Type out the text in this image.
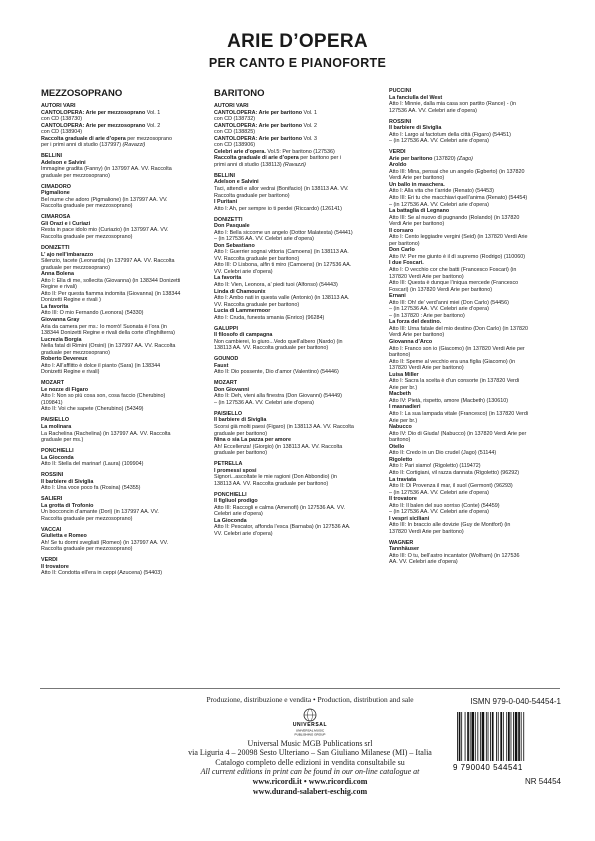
ARIE D’OPERA
PER CANTO E PIANOFORTE
MEZZOSOPRANO
AUTORI VARI
CANTOLOPERA: Arie per mezzosoprano Vol. 1
con CD (138730)
CANTOLOPERA: Arie per mezzosoprano Vol. 2
con CD (138904)
Raccolta graduale di arie d’opera per mezzosoprano per i primi anni di studio (137997) (Ravazzi)
BELLINI
Adelson e Salvini
Immagine gradita (Fanny) (in 137997 AA. VV. Raccolta graduale per mezzosoprano)
CIMADORO
Pigmalione
Bel nume che adoro (Pigmalione) (in 137997 AA. VV. Raccolta graduale per mezzosoprano)
CIMAROSA
Gli Orazi e i Curiazi
Resta in pace idolo mio (Curiazio) (in 137997 AA. VV. Raccolta graduale per mezzosoprano)
DONIZETTI
L’ ajo nell’imbarazzo
Silenzio, tacete (Leonarda) (in 137997 AA. VV. Raccolta graduale per mezzosoprano)
Anna Bolena
Atto I: Ella di me, sollecita (Giovanna) (in 138344 Donizetti Regine e rivali)
Atto II: Per questa fiamma indomita (Giovanna) (in 138344 Donizetti Regine e rivali )
La favorita
Atto III: O mio Fernando (Leonora) (54330)
Giovanna Gray
Aria da camera per ms.: Io morrò! Suonata è l’ora (in 138344 Donizetti Regine e rivali della corte d’Inghilterra)
Lucrezia Borgia
Nella fatal di Rimini (Orsini) (in 137997 AA. VV. Raccolta graduale per mezzosoprano)
Roberto Devereux
Atto I: All’afflitto è dolce il pianto (Sara) (in 138344 Donizetti Regine e rivali)
MOZART
Le nozze di Figaro
Atto I: Non so più cosa son, cosa faccio (Cherubino) (109841)
Atto II: Voi che sapete (Cherubino) (54349)
PAISIELLO
La molinara
La Rachelina (Rachelina) (in 137997 AA. VV. Raccolta graduale per ms.)
PONCHIELLI
La Gioconda
Atto II: Stella del marinar! (Laura) (109904)
ROSSINI
Il barbiere di Siviglia
Atto I: Una voce poco fa (Rosina) (54355)
SALIERI
La grotta di Trofonio
Un bocconcin d’amante (Dori) (in 137997 AA. VV. Raccolta graduale per mezzosoprano)
VACCAI
Giulietta e Romeo
Ah! Se tu dormi svegliati (Romeo) (in 137997 AA. VV. Raccolta graduale per mezzosoprano)
VERDI
Il trovatore
Atto II: Condotta ell’era in ceppi (Azucena) (54403)
BARITONO
AUTORI VARI
CANTOLOPERA: Arie per baritono Vol. 1
con CD (138732)
CANTOLOPERA: Arie per baritono Vol. 2
con CD (138825)
CANTOLOPERA: Arie per baritono Vol. 3
con CD (138906)
Celebri arie d’opera. Vol.5: Per baritono (127536)
Raccolta graduale di arie d’opera per baritono per i primi anni di studio (138113) (Ravazzi)
BELLINI
Adelson e Salvini
Taci, attendi e allor vedrai (Bonifacio) (in 138113 AA. VV. Raccolta graduale per baritono)
I Puritani
Atto I: Ah, per sempre io ti perdei (Riccardo) (126141)
DONIZETTI
Don Pasquale
Atto I: Bella siccome un angelo (Dottor Malatesta) (54441)
– (in 127536 AA. VV. Celebri arie d’opera)
Don Sebastiano
Atto I: Guerrier sognai vittoria (Camoens) (in 138113 AA. VV. Raccolta graduale per baritono)
Atto III: O Lisbona, alfin ti miro (Camoens) (in 127536 AA. VV. Celebri arie d’opera)
La favorita
Atto II: Vien, Leonora, a’ piedi tuoi (Alfonso) (54443)
Linda di Chamounix
Atto I: Ambo nati in questa valle (Antonio) (in 138113 AA. VV. Raccolta graduale per baritono)
Lucia di Lammermoor
Atto I: Cruda, funesta smania (Enrico) (96284)
GALUPPI
Il filosofo di campagna
Non cambierei, lo giuro...Vedo quell’albero (Nardo) (in 138113 AA. VV. Raccolta graduale per baritono)
GOUNOD
Faust
Atto II: Dio possente, Dio d’amor (Valentino) (54446)
MOZART
Don Giovanni
Atto II: Deh, vieni alla finestra (Don Giovanni) (54449)
– (in 127536 AA. VV. Celebri arie d’opera)
PAISIELLO
Il barbiere di Siviglia
Scorsi già molti paesi (Figaro) (in 138113 AA. VV. Raccolta graduale per baritono)
Nina o sia La pazza per amore
Ah! Eccellenza! (Giorgio) (in 138113 AA. VV. Raccolta graduale per baritono)
PETRELLA
I promessi sposi
Signori...ascoltate le mie ragioni (Don Abbondio) (in 138113 AA. VV. Raccolta graduale per baritono)
PONCHIELLI
Il figliuol prodigo
Atto III: Raccogli e calma (Amenofi) (in 127536 AA. VV. Celebri arie d’opera)
La Gioconda
Atto II: Pescator, affonda l’esca (Barnaba) (in 127536 AA. VV. Celebri arie d’opera)
PUCCINI
La fanciulla del West
Atto I: Minnie, dalla mia casa son partito (Rance) - (in 127536 AA. VV. Celebri arie d’opera)
ROSSINI
Il barbiere di Siviglia
Atto I: Largo al factotum della città (Figaro) (54451)
– (in 127536 AA. VV. Celebri arie d’opera)
VERDI
Arie per baritono (137820) (Zago)
Aroldo
Atto III: Mina, pensai che un angelo (Egberto) (in 137820 Verdi Arie per baritono)
Un ballo in maschera.
Atto I: Alla vita che t’arride (Renato) (54453)
Atto III: Eri tu che macchiavi quell’anima (Renato) (54454)
– (in 127536 AA. VV. Celebri arie d’opera)
La battaglia di Legnano
Atto III: Se al nuovo di pugnando (Rolando) (in 137820 Verdi Arie per baritono)
Il corsaro
Atto I: Cento leggiadre vergini (Seid) (in 137820 Verdi Arie per baritono)
Don Carlo
Atto IV: Per me giunto è il dì supremo (Rodrigo) (110060)
I due Foscari.
Atto I: O vecchio cor che batti (Francesco Foscari) (in 137820 Verdi Arie per baritono)
Atto III: Questa è dunque l’iniqua mercede (Francesco Foscari) (in 137820 Verdi Arie per baritono)
Ernani
Atto III: Oh! de’ verd’anni miei (Don Carlo) (54456)
– (in 127536 AA. VV. Celebri arie d’opera)
– (in 137820 : Arie per baritono)
La forza del destino.
Atto III: Urna fatale del mio destino (Don Carlo) (in 137820 Verdi Arie per baritono)
Giovanna d’Arco
Atto I: Franco son io (Giacomo) (in 137820 Verdi Arie per baritono)
Atto II: Speme al vecchio era una figlia (Giacomo) (in 137820 Verdi Arie per baritono)
Luisa Miller
Atto I: Sacra la scelta è d’un consorte (in 137820 Verdi Arie per br.)
Macbeth
Atto IV: Pietà, rispetto, amore (Macbeth) (130610)
I masnadieri
Atto I: La sua lampada vitale (Francesco) (in 137820 Verdi Arie per br.)
Nabucco
Atto IV: Dio di Giuda! (Nabucco) (in 137820 Verdi Arie per baritono)
Otello
Atto II: Credo in un Dio crudel (Jago) (51144)
Rigoletto
Atto I: Pari siamo! (Rigoletto) (119472)
Atto II: Cortigiani, vil razza dannata (Rigoletto) (96292)
La traviata
Atto II: Di Provenza il mar, il suol (Germont) (96293)
– (in 127536 AA. VV. Celebri arie d’opera)
Il trovatore
Atto II: Il balen del suo sorriso (Conte) (54459)
– (in 127536 AA. VV. Celebri arie d’opera)
I vespri siciliani
Atto III: In braccio alle dovizie (Guy de Montfort) (in 137820 Verdi Arie per baritono)
WAGNER
Tannhäuser
Atto III: O tu, bell’astro incantator (Wolfram) (in 127536 AA. VV. Celebri arie d’opera)
Produzione, distribuzione e vendita • Production, distribution and sale
UNIVERSAL
UNIVERSAL MUSIC
PUBLISHING GROUP
Universal Music MGB Publications srl
via Liguria 4 – 20098 Sesto Ulteriano – San Giuliano Milanese (MI) – Italia
Catalogo completo delle edizioni in vendita consultabile su
All current editions in print can be found in our on-line catalogue at
www.ricordi.it • www.ricordi.com
www.durand-salabert-eschig.com
ISMN 979-0-040-54454-1
9 790040 544541
NR 54454
